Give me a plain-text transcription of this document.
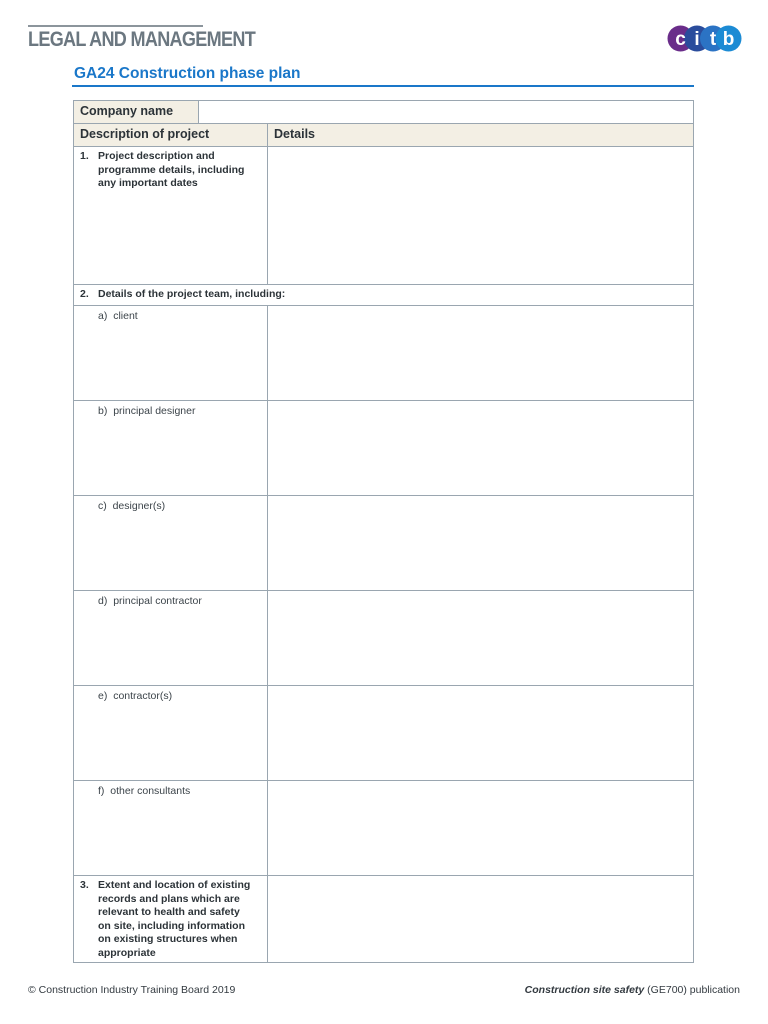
LEGAL AND MANAGEMENT	c i t b
GA24 Construction phase plan
Company name
Description of project	Details
1. Project description and
programme details, including
any important dates
2. Details of the project team, including:
a) client
b) principal designer
c) designer(s)
d) principal contractor
e) contractor(s)
f) other consultants
3. Extent and location of existing
records and plans which are
relevant to health and safety
on site, including information
on existing structures when
appropriate
© Construction Industry Training Board 2019	Construction site safety (GE700) publication
